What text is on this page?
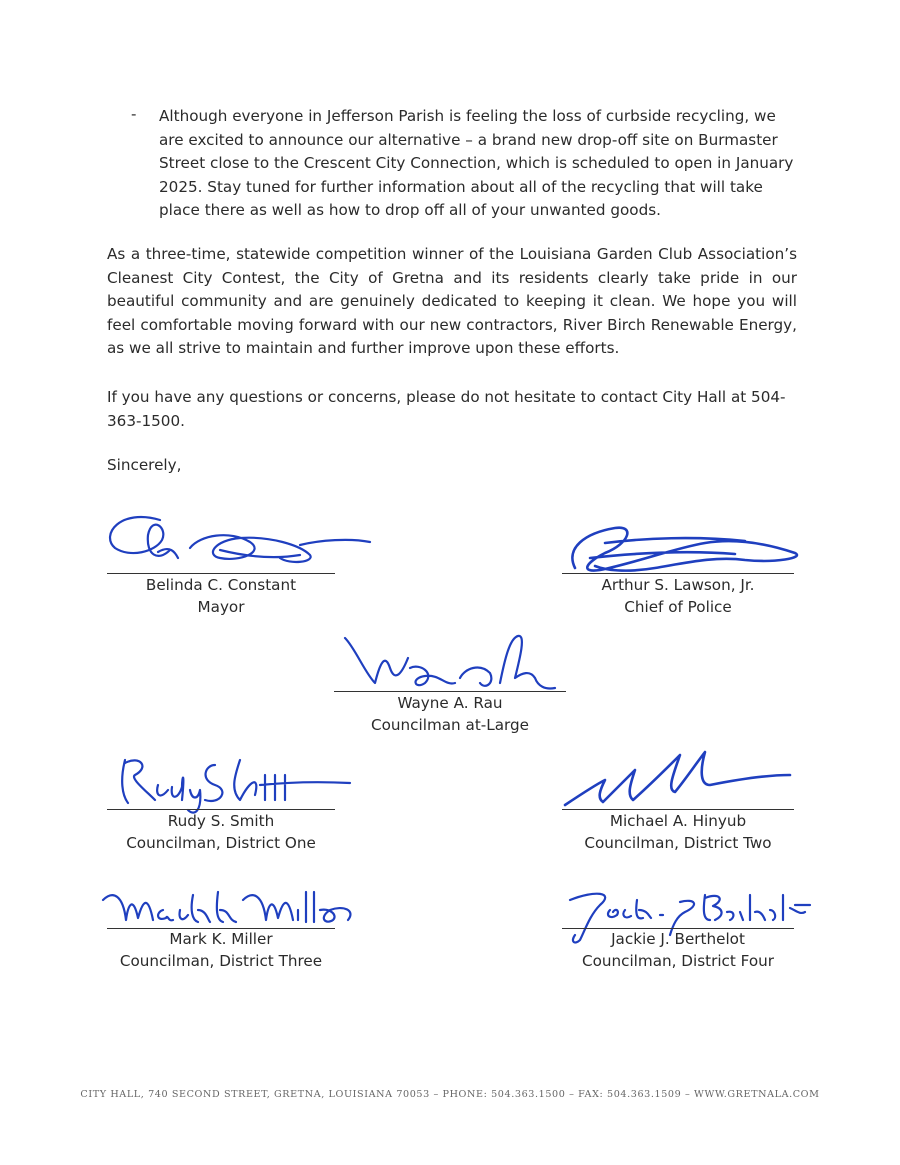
- Although everyone in Jefferson Parish is feeling the loss of curbside recycling, we are excited to announce our alternative – a brand new drop-off site on Burmaster Street close to the Crescent City Connection, which is scheduled to open in January 2025. Stay tuned for further information about all of the recycling that will take place there as well as how to drop off all of your unwanted goods.

As a three-time, statewide competition winner of the Louisiana Garden Club Association’s Cleanest City Contest, the City of Gretna and its residents clearly take pride in our beautiful community and are genuinely dedicated to keeping it clean. We hope you will feel comfortable moving forward with our new contractors, River Birch Renewable Energy, as we all strive to maintain and further improve upon these efforts.

If you have any questions or concerns, please do not hesitate to contact City Hall at 504-363-1500.

Sincerely,

Belinda C. Constant
Mayor
Arthur S. Lawson, Jr.
Chief of Police
Wayne A. Rau
Councilman at-Large
Rudy S. Smith
Councilman, District One
Michael A. Hinyub
Councilman, District Two
Mark K. Miller
Councilman, District Three
Jackie J. Berthelot
Councilman, District Four
CITY HALL, 740 SECOND STREET, GRETNA, LOUISIANA 70053 – PHONE: 504.363.1500 – FAX: 504.363.1509 – WWW.GRETNALA.COM
